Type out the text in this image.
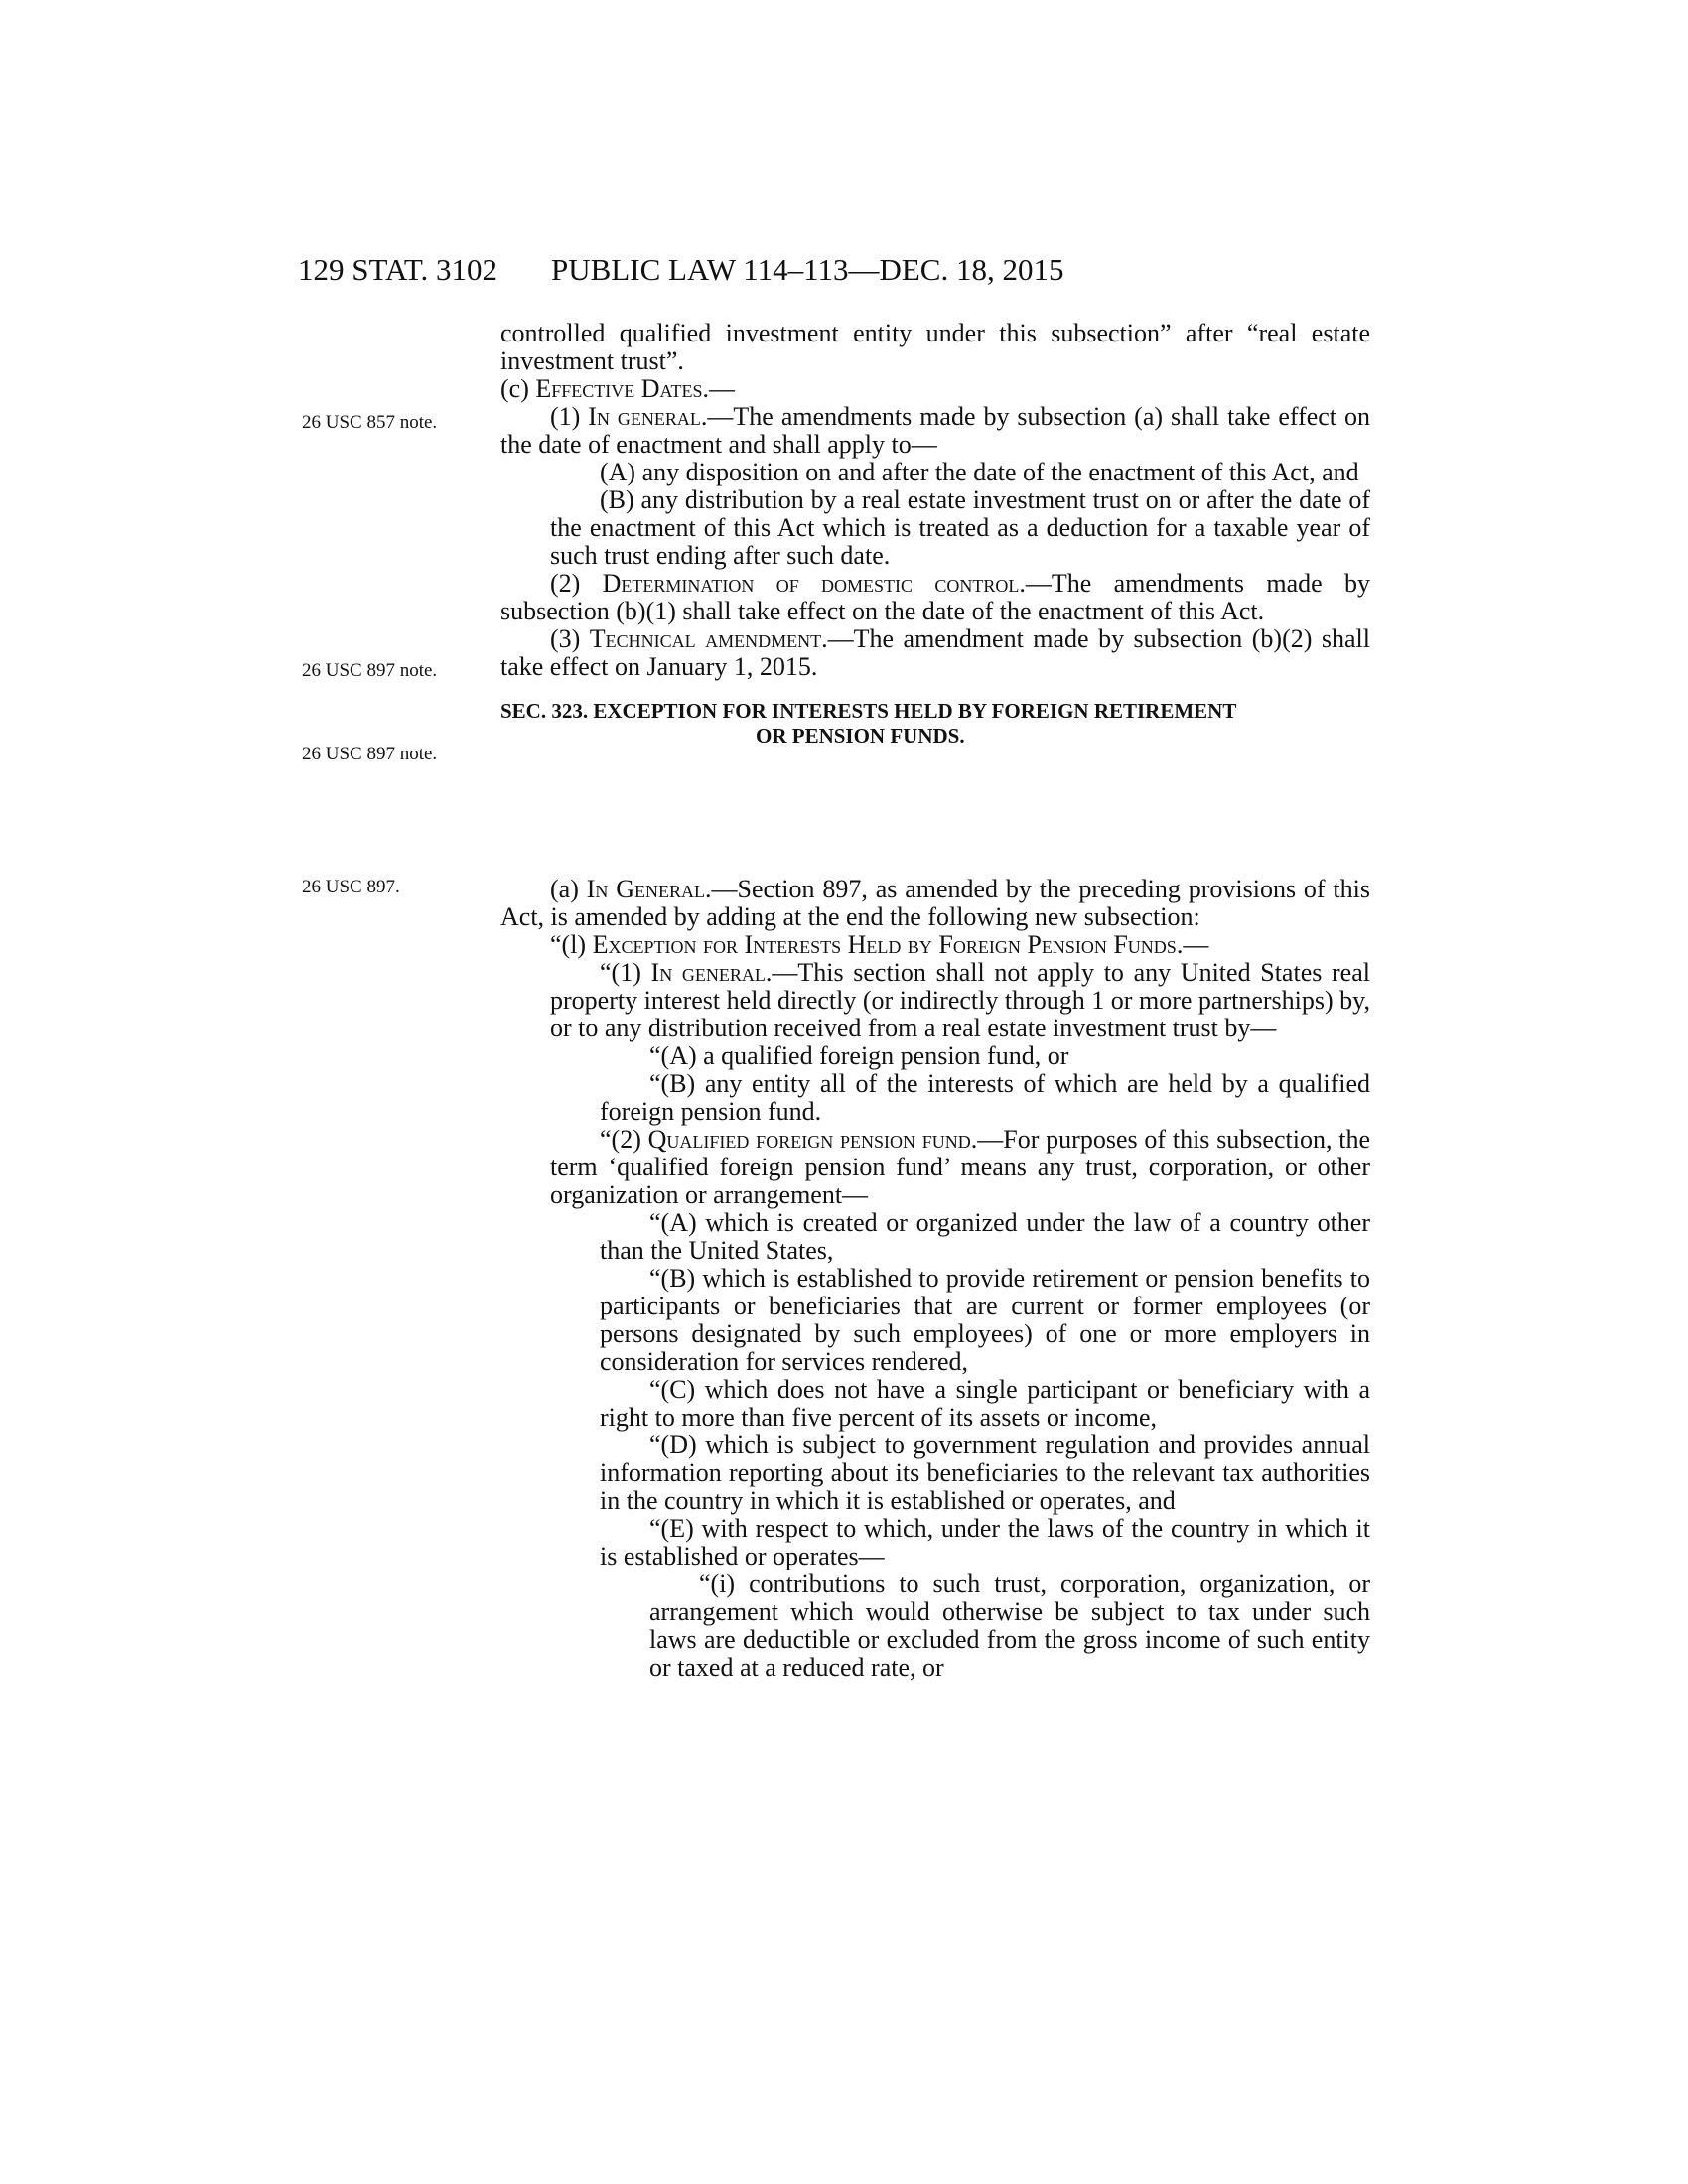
129 STAT. 3102 PUBLIC LAW 114–113—DEC. 18, 2015
26 USC 857 note.
26 USC 897 note.
26 USC 897 note.
26 USC 897.

controlled qualified investment entity under this subsection” after “real estate investment trust”.

(c) Effective Dates.—

(1) In general.—The amendments made by subsection (a) shall take effect on the date of enactment and shall apply to—

(A) any disposition on and after the date of the enactment of this Act, and

(B) any distribution by a real estate investment trust on or after the date of the enactment of this Act which is treated as a deduction for a taxable year of such trust ending after such date.

(2) Determination of domestic control.—The amendments made by subsection (b)(1) shall take effect on the date of the enactment of this Act.

(3) Technical amendment.—The amendment made by subsection (b)(2) shall take effect on January 1, 2015.

SEC. 323. EXCEPTION FOR INTERESTS HELD BY FOREIGN RETIREMENT
OR PENSION FUNDS.

(a) In General.—Section 897, as amended by the preceding provisions of this Act, is amended by adding at the end the following new subsection:

“(l) Exception for Interests Held by Foreign Pension Funds.—

“(1) In general.—This section shall not apply to any United States real property interest held directly (or indirectly through 1 or more partnerships) by, or to any distribution received from a real estate investment trust by—

“(A) a qualified foreign pension fund, or

“(B) any entity all of the interests of which are held by a qualified foreign pension fund.

“(2) Qualified foreign pension fund.—For purposes of this subsection, the term ‘qualified foreign pension fund’ means any trust, corporation, or other organization or arrangement—

“(A) which is created or organized under the law of a country other than the United States,

“(B) which is established to provide retirement or pension benefits to participants or beneficiaries that are current or former employees (or persons designated by such employees) of one or more employers in consideration for services rendered,

“(C) which does not have a single participant or beneficiary with a right to more than five percent of its assets or income,

“(D) which is subject to government regulation and provides annual information reporting about its beneficiaries to the relevant tax authorities in the country in which it is established or operates, and

“(E) with respect to which, under the laws of the country in which it is established or operates—

“(i) contributions to such trust, corporation, organization, or arrangement which would otherwise be subject to tax under such laws are deductible or excluded from the gross income of such entity or taxed at a reduced rate, or
